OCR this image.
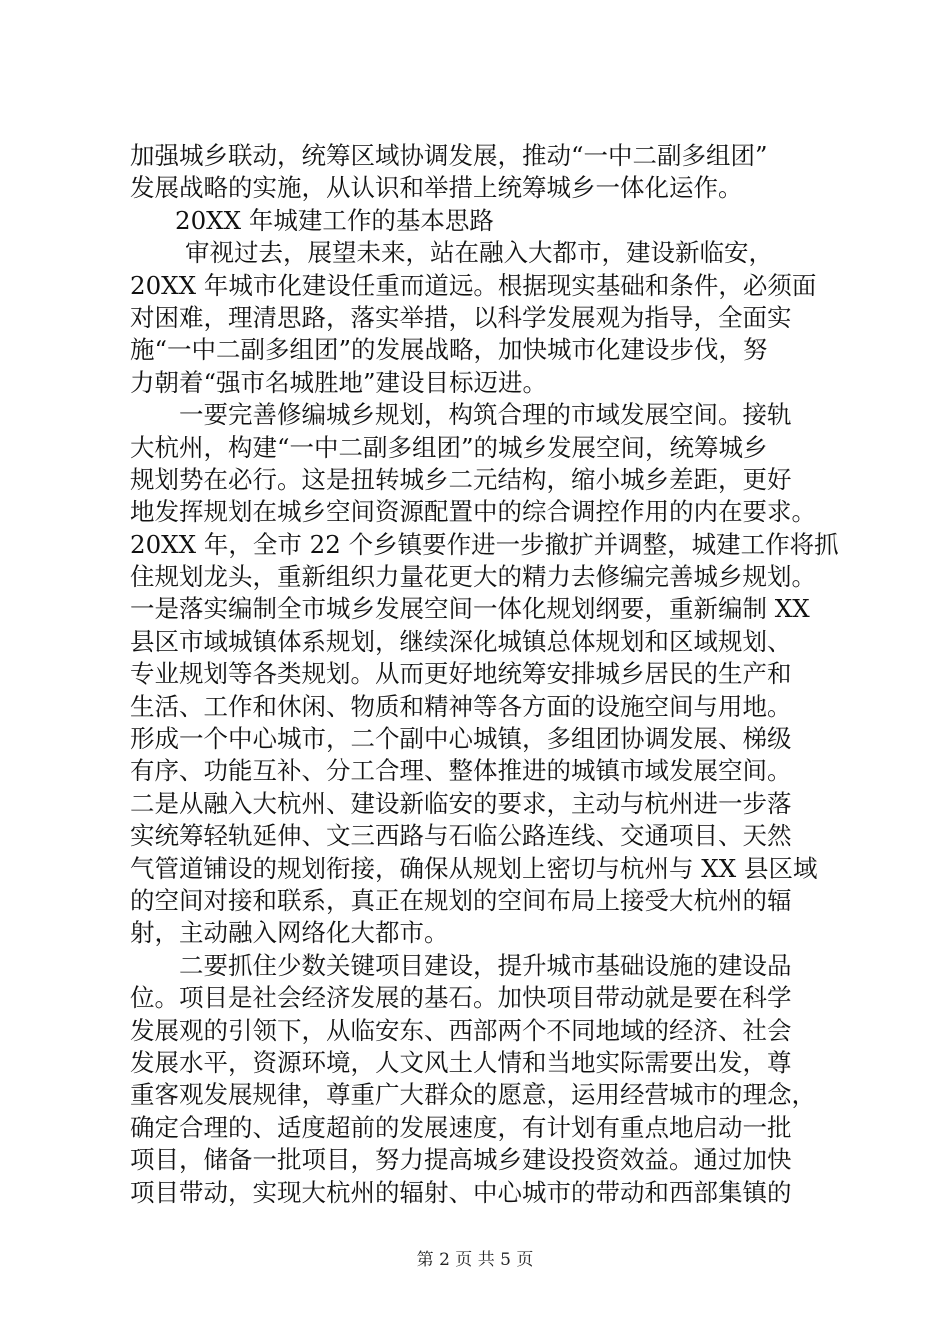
加强城乡联动，统筹区域协调发展，推动“一中二副多组团”
发展战略的实施，从认识和举措上统筹城乡一体化运作。
20XX 年城建工作的基本思路
审视过去，展望未来，站在融入大都市，建设新临安，
20XX 年城市化建设任重而道远。根据现实基础和条件，必须面
对困难，理清思路，落实举措，以科学发展观为指导，全面实
施“一中二副多组团”的发展战略，加快城市化建设步伐，努
力朝着“强市名城胜地”建设目标迈进。
一要完善修编城乡规划，构筑合理的市域发展空间。接轨
大杭州，构建“一中二副多组团”的城乡发展空间，统筹城乡
规划势在必行。这是扭转城乡二元结构，缩小城乡差距，更好
地发挥规划在城乡空间资源配置中的综合调控作用的内在要求。
20XX 年，全市 22 个乡镇要作进一步撤扩并调整，城建工作将抓
住规划龙头，重新组织力量花更大的精力去修编完善城乡规划。
一是落实编制全市城乡发展空间一体化规划纲要，重新编制 XX
县区市域城镇体系规划，继续深化城镇总体规划和区域规划、
专业规划等各类规划。从而更好地统筹安排城乡居民的生产和
生活、工作和休闲、物质和精神等各方面的设施空间与用地。
形成一个中心城市，二个副中心城镇，多组团协调发展、梯级
有序、功能互补、分工合理、整体推进的城镇市域发展空间。
二是从融入大杭州、建设新临安的要求，主动与杭州进一步落
实统筹轻轨延伸、文三西路与石临公路连线、交通项目、天然
气管道铺设的规划衔接，确保从规划上密切与杭州与 XX 县区域
的空间对接和联系，真正在规划的空间布局上接受大杭州的辐
射，主动融入网络化大都市。
二要抓住少数关键项目建设，提升城市基础设施的建设品
位。项目是社会经济发展的基石。加快项目带动就是要在科学
发展观的引领下，从临安东、西部两个不同地域的经济、社会
发展水平，资源环境，人文风土人情和当地实际需要出发，尊
重客观发展规律，尊重广大群众的愿意，运用经营城市的理念，
确定合理的、适度超前的发展速度，有计划有重点地启动一批
项目，储备一批项目，努力提高城乡建设投资效益。通过加快
项目带动，实现大杭州的辐射、中心城市的带动和西部集镇的
第 2 页 共 5 页
